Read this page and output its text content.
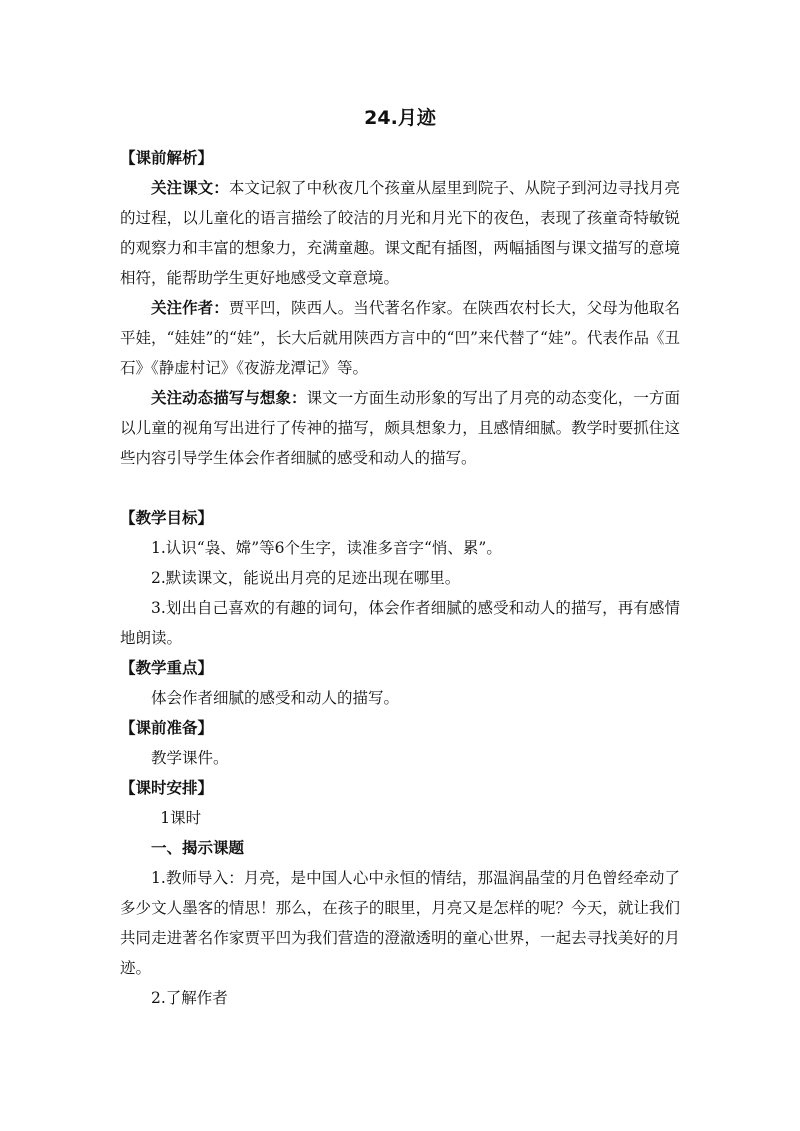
24.月迹
【课前解析】

关注课文：本文记叙了中秋夜几个孩童从屋里到院子、从院子到河边寻找月亮的过程，以儿童化的语言描绘了皎洁的月光和月光下的夜色，表现了孩童奇特敏锐的观察力和丰富的想象力，充满童趣。课文配有插图，两幅插图与课文描写的意境相符，能帮助学生更好地感受文章意境。

关注作者：贾平凹，陕西人。当代著名作家。在陕西农村长大，父母为他取名平娃，“娃娃”的“娃”，长大后就用陕西方言中的“凹”来代替了“娃”。代表作品《丑石》《静虚村记》《夜游龙潭记》等。

关注动态描写与想象：课文一方面生动形象的写出了月亮的动态变化，一方面以儿童的视角写出进行了传神的描写，颇具想象力，且感情细腻。教学时要抓住这些内容引导学生体会作者细腻的感受和动人的描写。

【教学目标】

1.认识“袅、嫦”等6个生字，读准多音字“悄、累”。

2.默读课文，能说出月亮的足迹出现在哪里。

3.划出自己喜欢的有趣的词句，体会作者细腻的感受和动人的描写，再有感情地朗读。

【教学重点】

体会作者细腻的感受和动人的描写。

【课前准备】

教学课件。

【课时安排】

1课时

一、揭示课题

1.教师导入：月亮，是中国人心中永恒的情结，那温润晶莹的月色曾经牵动了多少文人墨客的情思！那么，在孩子的眼里，月亮又是怎样的呢？今天，就让我们共同走进著名作家贾平凹为我们营造的澄澈透明的童心世界，一起去寻找美好的月迹。

2.了解作者
